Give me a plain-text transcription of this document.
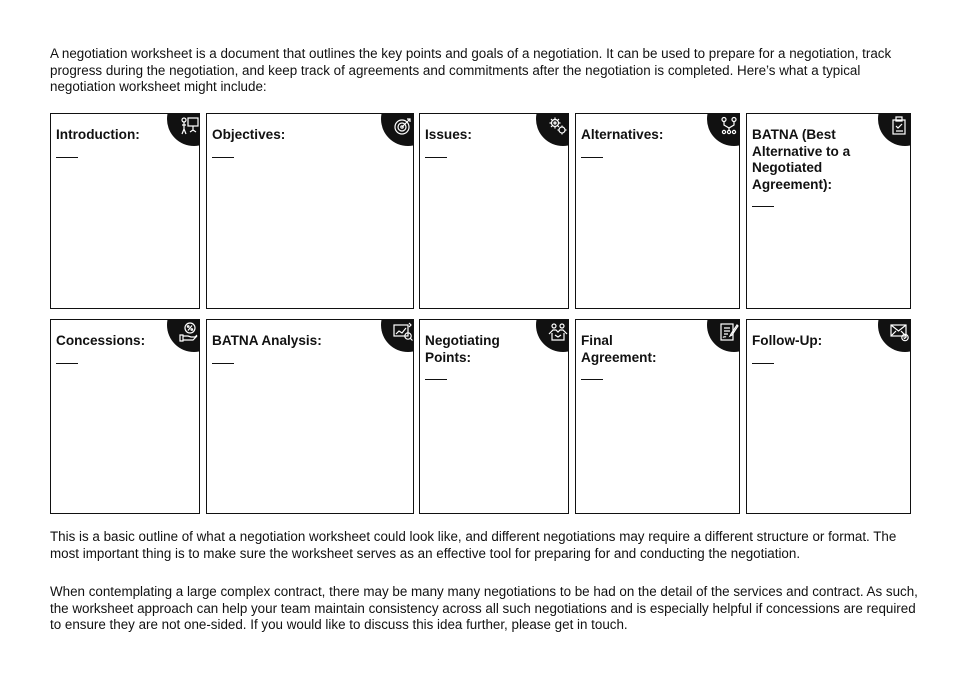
A negotiation worksheet is a document that outlines the key points and goals of a negotiation. It can be used to prepare for a negotiation, track progress during the negotiation, and keep track of agreements and commitments after the negotiation is completed. Here’s what a typical negotiation worksheet might include:

Introduction:	Objectives:	Issues:	Alternatives:	BATNA (Best Alternative to a Negotiated Agreement):

Concessions:	BATNA Analysis:	Negotiating Points:

Final Agreement:

Follow-Up:

This is a basic outline of what a negotiation worksheet could look like, and different negotiations may require a different structure or format. The most important thing is to make sure the worksheet serves as an effective tool for preparing for and conducting the negotiation.

When contemplating a large complex contract, there may be many many negotiations to be had on the detail of the services and contract. As such, the worksheet approach can help your team maintain consistency across all such negotiations and is especially helpful if concessions are required to ensure they are not one-sided. If you would like to discuss this idea further, please get in touch.
